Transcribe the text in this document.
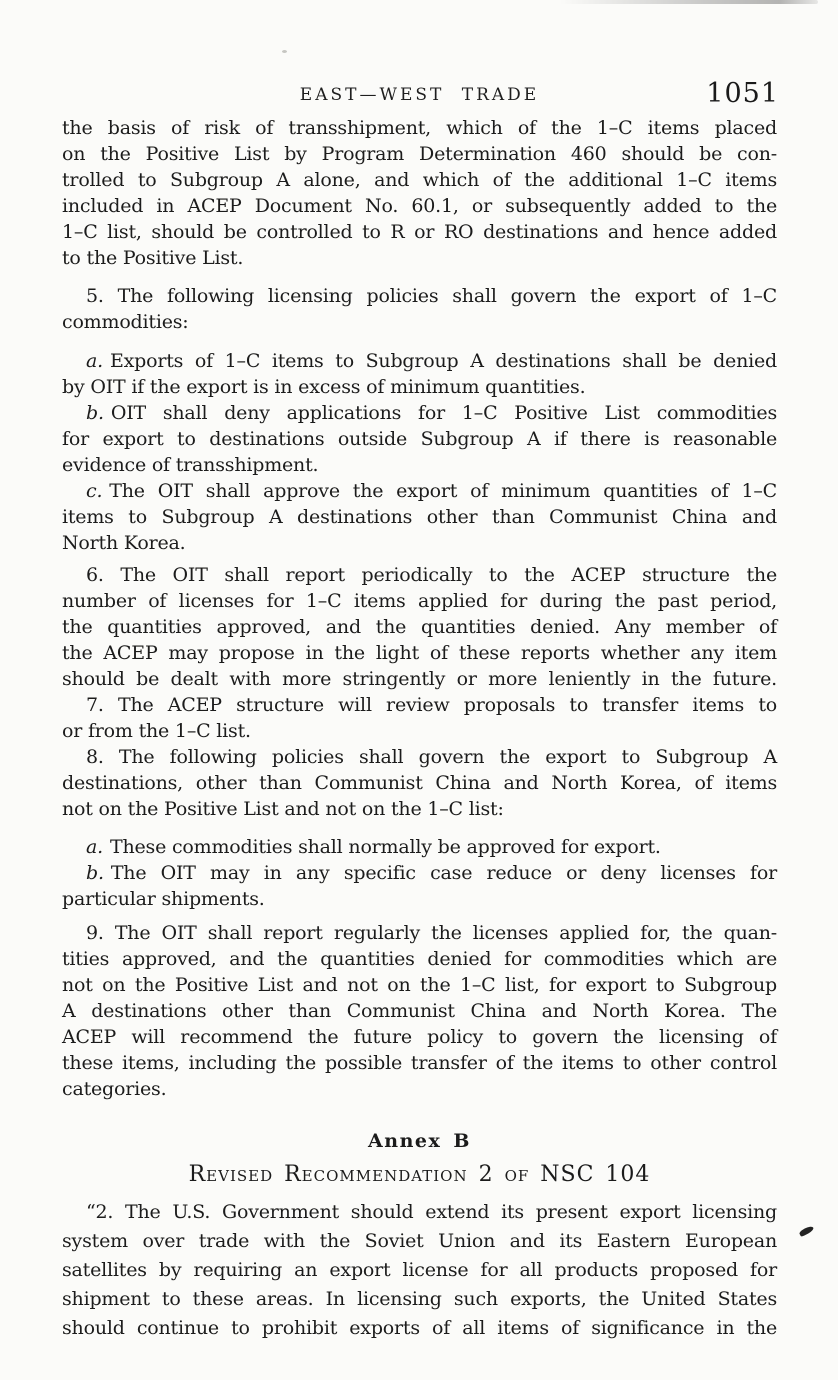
EAST—WEST TRADE	1051
the basis of risk of transshipment, which of the 1–C items placed
on the Positive List by Program Determination 460 should be con-
trolled to Subgroup A alone, and which of the additional 1–C items
included in ACEP Document No. 60.1, or subsequently added to the
1–C list, should be controlled to R or RO destinations and hence added
to the Positive List.
5. The following licensing policies shall govern the export of 1–C
commodities:
a. Exports of 1–C items to Subgroup A destinations shall be denied
by OIT if the export is in excess of minimum quantities.
b. OIT shall deny applications for 1–C Positive List commodities
for export to destinations outside Subgroup A if there is reasonable
evidence of transshipment.
c. The OIT shall approve the export of minimum quantities of 1–C
items to Subgroup A destinations other than Communist China and
North Korea.
6. The OIT shall report periodically to the ACEP structure the
number of licenses for 1–C items applied for during the past period,
the quantities approved, and the quantities denied. Any member of
the ACEP may propose in the light of these reports whether any item
should be dealt with more stringently or more leniently in the future.
7. The ACEP structure will review proposals to transfer items to
or from the 1–C list.
8. The following policies shall govern the export to Subgroup A
destinations, other than Communist China and North Korea, of items
not on the Positive List and not on the 1–C list:
a. These commodities shall normally be approved for export.
b. The OIT may in any specific case reduce or deny licenses for
particular shipments.
9. The OIT shall report regularly the licenses applied for, the quan-
tities approved, and the quantities denied for commodities which are
not on the Positive List and not on the 1–C list, for export to Subgroup
A destinations other than Communist China and North Korea. The
ACEP will recommend the future policy to govern the licensing of
these items, including the possible transfer of the items to other control
categories.
Annex B
Revised Recommendation 2 of NSC 104
“2. The U.S. Government should extend its present export licensing
system over trade with the Soviet Union and its Eastern European
satellites by requiring an export license for all products proposed for
shipment to these areas. In licensing such exports, the United States
should continue to prohibit exports of all items of significance in the
